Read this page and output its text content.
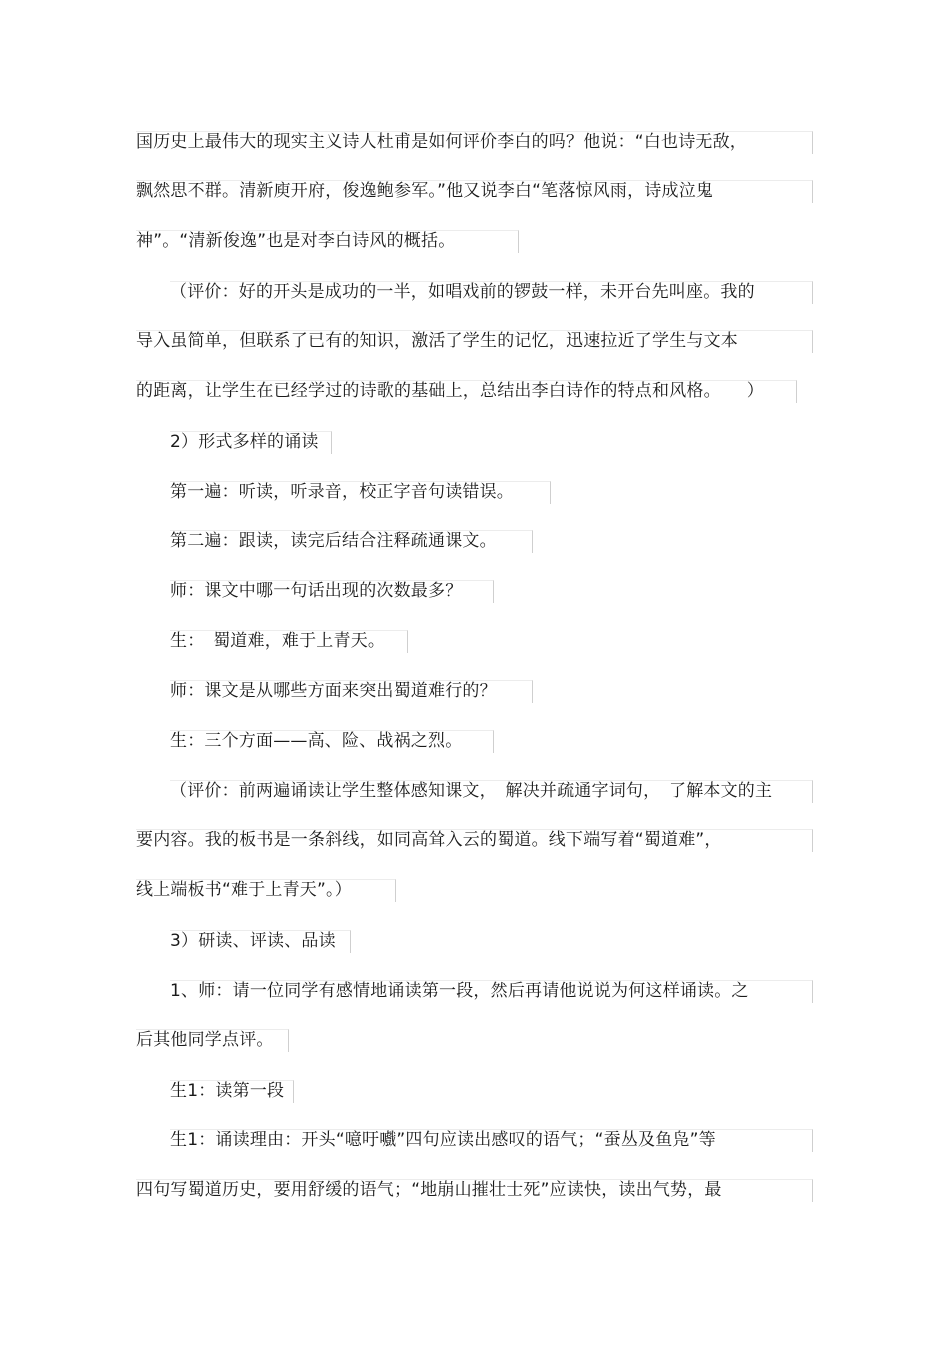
国历史上最伟大的现实主义诗人杜甫是如何评价李白的吗？他说：“白也诗无敌，
飘然思不群。清新庾开府，俊逸鲍参军。”他又说李白“笔落惊风雨，诗成泣鬼
神”。“清新俊逸”也是对李白诗风的概括。
（评价：好的开头是成功的一半，如唱戏前的锣鼓一样，未开台先叫座。我的
导入虽简单，但联系了已有的知识，激活了学生的记忆，迅速拉近了学生与文本
的距离，让学生在已经学过的诗歌的基础上，总结出李白诗作的特点和风格。　　）
2）形式多样的诵读
第一遍：听读，听录音，校正字音句读错误。
第二遍：跟读，读完后结合注释疏通课文。
师：课文中哪一句话出现的次数最多？
生：　蜀道难，难于上青天。
师：课文是从哪些方面来突出蜀道难行的？
生：三个方面——高、险、战祸之烈。
（评价：前两遍诵读让学生整体感知课文，　解决并疏通字词句，　了解本文的主
要内容。我的板书是一条斜线，如同高耸入云的蜀道。线下端写着“蜀道难”，
线上端板书“难于上青天”。）
3）研读、评读、品读
1、师：请一位同学有感情地诵读第一段，然后再请他说说为何这样诵读。之
后其他同学点评。
生1：读第一段
生1：诵读理由：开头“噫吁嚱”四句应读出感叹的语气；“蚕丛及鱼凫”等
四句写蜀道历史，要用舒缓的语气；“地崩山摧壮士死”应读快，读出气势，最
